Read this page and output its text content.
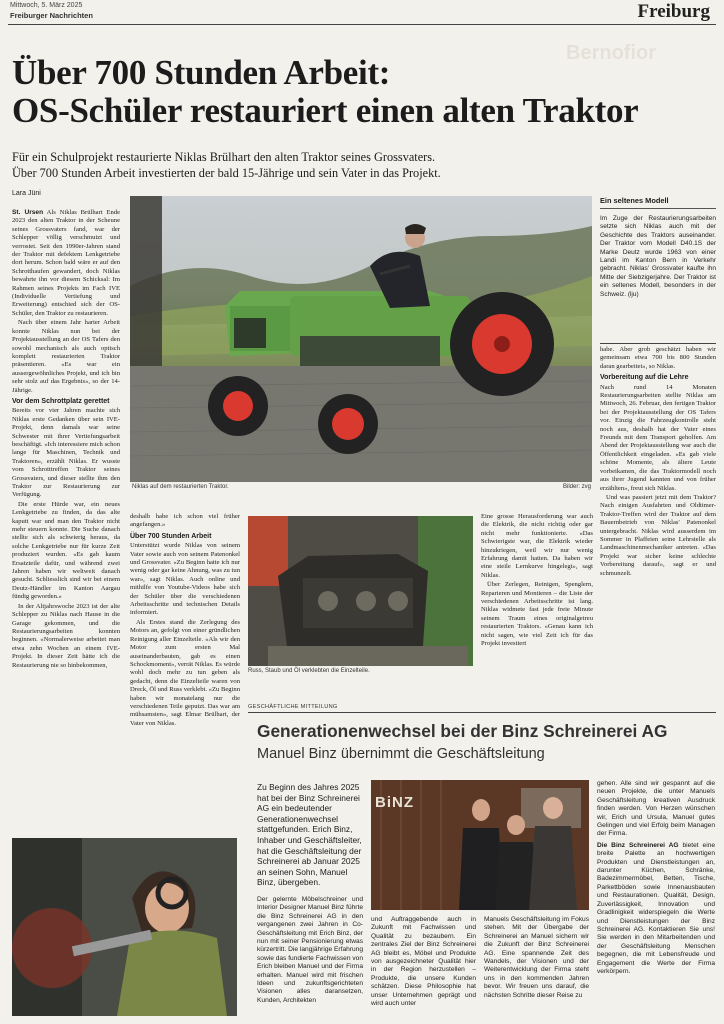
Mittwoch, 5. März 2025
Freiburger Nachrichten	Freiburg
Bernofior
Über 700 Stunden Arbeit:
OS-Schüler restauriert einen alten Traktor
Für ein Schulprojekt restaurierte Niklas Brülhart den alten Traktor seines Grossvaters.
Über 700 Stunden Arbeit investierten der bald 15-Jährige und sein Vater in das Projekt.
Lara Jüni

St. Ursen Als Niklas Brülhart Ende 2023 den alten Traktor in der Scheune seines Grossvaters fand, war der Schlepper völlig verschmutzt und verrostet. Seit den 1990er-Jahren stand der Traktor mit defektem Lenkgetriebe dort herum. Schon bald wäre er auf den Schrotthaufen gewandert, doch Niklas bewahrte ihn vor diesem Schicksal: Im Rahmen seines Projekts im Fach IVE (Individuelle Vertiefung und Erweiterung) entschied sich der OS-Schüler, den Traktor zu restaurieren.

Nach über einem Jahr harter Arbeit konnte Niklas nun bei der Projektausstellung an der OS Tafers den sowohl mechanisch als auch optisch komplett restaurierten Traktor präsentieren. «Es war ein aussergewöhnliches Projekt, und ich bin sehr stolz auf das Ergebnis», so der 14-Jährige.

Vor dem Schrottplatz gerettet

Bereits vor vier Jahren machte sich Niklas erste Gedanken über sein IVE-Projekt, denn damals war seine Schwester mit ihrer Vertiefungsarbeit beschäftigt. «Ich interessiere mich schon lange für Maschinen, Technik und Traktoren», erzählt Niklas. Er wusste vom Schrotttreffen Traktor seines Grossvaters, und dieser stellte ihm den Traktor zur Restaurierung zur Verfügung.

Die erste Hürde war, ein neues Lenkgetriebe zu finden, da das alte kaputt war und man den Traktor nicht mehr steuern konnte. Die Suche danach stellte sich als schwierig heraus, da solche Lenkgetriebe nur für kurze Zeit produziert wurden. «Es gab kaum Ersatzteile dafür, und während zwei Jahren haben wir weltweit danach gesucht. Schliesslich sind wir bei einem Deutz-Händler im Kanton Aargau fündig geworden.»

In der Altjahrswoche 2023 ist der alte Schlepper zu Niklas nach Hause in die Garage gekommen, und die Restaurierungsarbeiten konnten beginnen. «Normalerweise arbeitet man etwa zehn Wochen an einem IVE-Projekt. In dieser Zeit hätte ich die Restaurierung nie so hinbekommen,

Niklas auf dem restaurierten Traktor.	Bilder: zvg
Ein seltenes Modell
Im Zuge der Restaurierungsarbeiten setzte sich Niklas auch mit der Geschichte des Traktors auseinander. Der Traktor vom Modell D40.1S der Marke Deutz wurde 1963 von einer Landi im Kanton Bern in Verkehr gebracht. Niklas' Grossvater kaufte ihn Mitte der Siebzigerjahre. Der Traktor ist ein seltenes Modell, besonders in der Schweiz. (lju)

habe. Aber grob geschätzt haben wir gemeinsam etwa 700 bis 800 Stunden daran gearbeitet», so Niklas.

Vorbereitung auf die Lehre

Nach rund 14 Monaten Restaurierungsarbeiten stellte Niklas am Mittwoch, 26. Februar, den fertigen Traktor bei der Projektausstellung der OS Tafers vor. Einzig die Fahrzeugkontrolle steht noch aus, deshalb hat der Vater eines Freunds mit dem Transport geholfen. Am Abend der Projektausstellung war auch die Öffentlichkeit eingeladen. «Es gab viele schöne Momente, als ältere Leute vorbeikamen, die das Traktormodell noch aus ihrer Jugend kannten und von früher erzählten», freut sich Niklas.

Und was passiert jetzt mit dem Traktor? Nach einigen Ausfahrten und Oldtimer-Traktor-Treffen wird der Traktor auf dem Bauernbetrieb von Niklas' Patenonkel untergebracht. Niklas wird ausserdem im Sommer in Plaffeien seine Lehrstelle als Landmaschinenmechaniker antreten. «Das Projekt war sicher keine schlechte Vorbereitung darauf», sagt er und schmunzelt.

deshalb habe ich schon viel früher angefangen.»

Über 700 Stunden Arbeit

Unterstützt wurde Niklas von seinem Vater sowie auch von seinem Patenonkel und Grossvater. «Zu Beginn hatte ich nur wenig oder gar keine Ahnung, was zu tun war», sagt Niklas. Auch online und mithilfe von Youtube-Videos habe sich der Schüler über die verschiedenen Arbeitsschritte und technischen Details informiert.

Als Erstes stand die Zerlegung des Motors an, gefolgt von einer gründlichen Reinigung aller Einzelteile. «Als wir den Motor zum ersten Mal auseinanderbauten, gab es einen Schockmoment», verrät Niklas. Es würde wohl doch mehr zu tun geben als gedacht, denn die Einzelteile waren von Dreck, Öl und Russ verklebt. «Zu Beginn haben wir monatelang nur die verschiedenen Teile geputzt. Das war am mühsamsten», sagt Elmar Brülhart, der Vater von Niklas.

Russ, Staub und Öl verklebten die Einzelteile.

Eine grosse Herausforderung war auch die Elektrik, die nicht richtig oder gar nicht mehr funktionierte. «Das Schwierigste war, die Elektrik wieder hinzukriegen, weil wir nur wenig Erfahrung damit hatten. Da haben wir eine steile Lernkurve hingelegt», sagt Niklas.

Über Zerlegen, Reinigen, Spenglern, Reparieren und Montieren – die Liste der verschiedenen Arbeitsschritte ist lang. Niklas widmete fast jede freie Minute seinem Traum eines originalgetreu restaurierten Traktors. «Genau kann ich nicht sagen, wie viel Zeit ich für das Projekt investiert

GESCHÄFTLICHE MITTEILUNG
Generationenwechsel bei der Binz Schreinerei AG
Manuel Binz übernimmt die Geschäftsleitung
Zu Beginn des Jahres 2025 hat bei der Binz Schreinerei AG ein bedeutender Generationenwechsel stattgefunden. Erich Binz, Inhaber und Geschäftsleiter, hat die Geschäftsleitung der Schreinerei ab Januar 2025 an seinen Sohn, Manuel Binz, übergeben.
BiNZ
Der gelernte Möbelschreiner und Interior Designer Manuel Binz führte die Binz Schreinerei AG in den vergangenen zwei Jahren in Co-Geschäftsleitung mit Erich Binz, der nun mit seiner Pensionierung etwas kürzertritt. Die langjährige Erfahrung sowie das fundierte Fachwissen von Erich bleiben Manuel und der Firma erhalten. Manuel wird mit frischen Ideen und zukunftsgerichteten Visionen alles daransetzen, Kunden, Architekten
und Auftraggebende auch in Zukunft mit Fachwissen und Qualität zu bezaubern. Ein zentrales Ziel der Binz Schreinerei AG bleibt es, Möbel und Produkte von ausgezeichneter Qualität hier in der Region herzustellen – Produkte, die unsere Kunden schätzen. Diese Philosophie hat unser Unternehmen geprägt und wird auch unter
Manuels Geschäftsleitung im Fokus stehen. Mit der Übergabe der Schreinerei an Manuel sichern wir die Zukunft der Binz Schreinerei AG. Eine spannende Zeit des Wandels, der Visionen und der Weiterentwicklung der Firma steht uns in den kommenden Jahren bevor. Wir freuen uns darauf, die nächsten Schritte dieser Reise zu
gehen. Alle sind wir gespannt auf die neuen Projekte, die unter Manuels Geschäftsleitung kreativen Ausdruck finden werden. Von Herzen wünschen wir, Erich und Ursula, Manuel gutes Gelingen und viel Erfolg beim Managen der Firma.
Die Binz Schreinerei AG bietet eine breite Palette an hochwertigen Produkten und Dienstleistungen an, darunter Küchen, Schränke, Badezimmermöbel, Betten, Tische, Parkettböden sowie Innenausbauten und Restaurationen. Qualität, Design, Zuverlässigkeit, Innovation und Gradlinigkeit widerspiegeln die Werte und Dienstleistungen der Binz Schreinerei AG. Kontaktieren Sie uns! Sie werden in den Mitarbeitenden und der Geschäftsleitung Menschen begegnen, die mit Lebensfreude und Engagement die Werte der Firma verkörpern.
